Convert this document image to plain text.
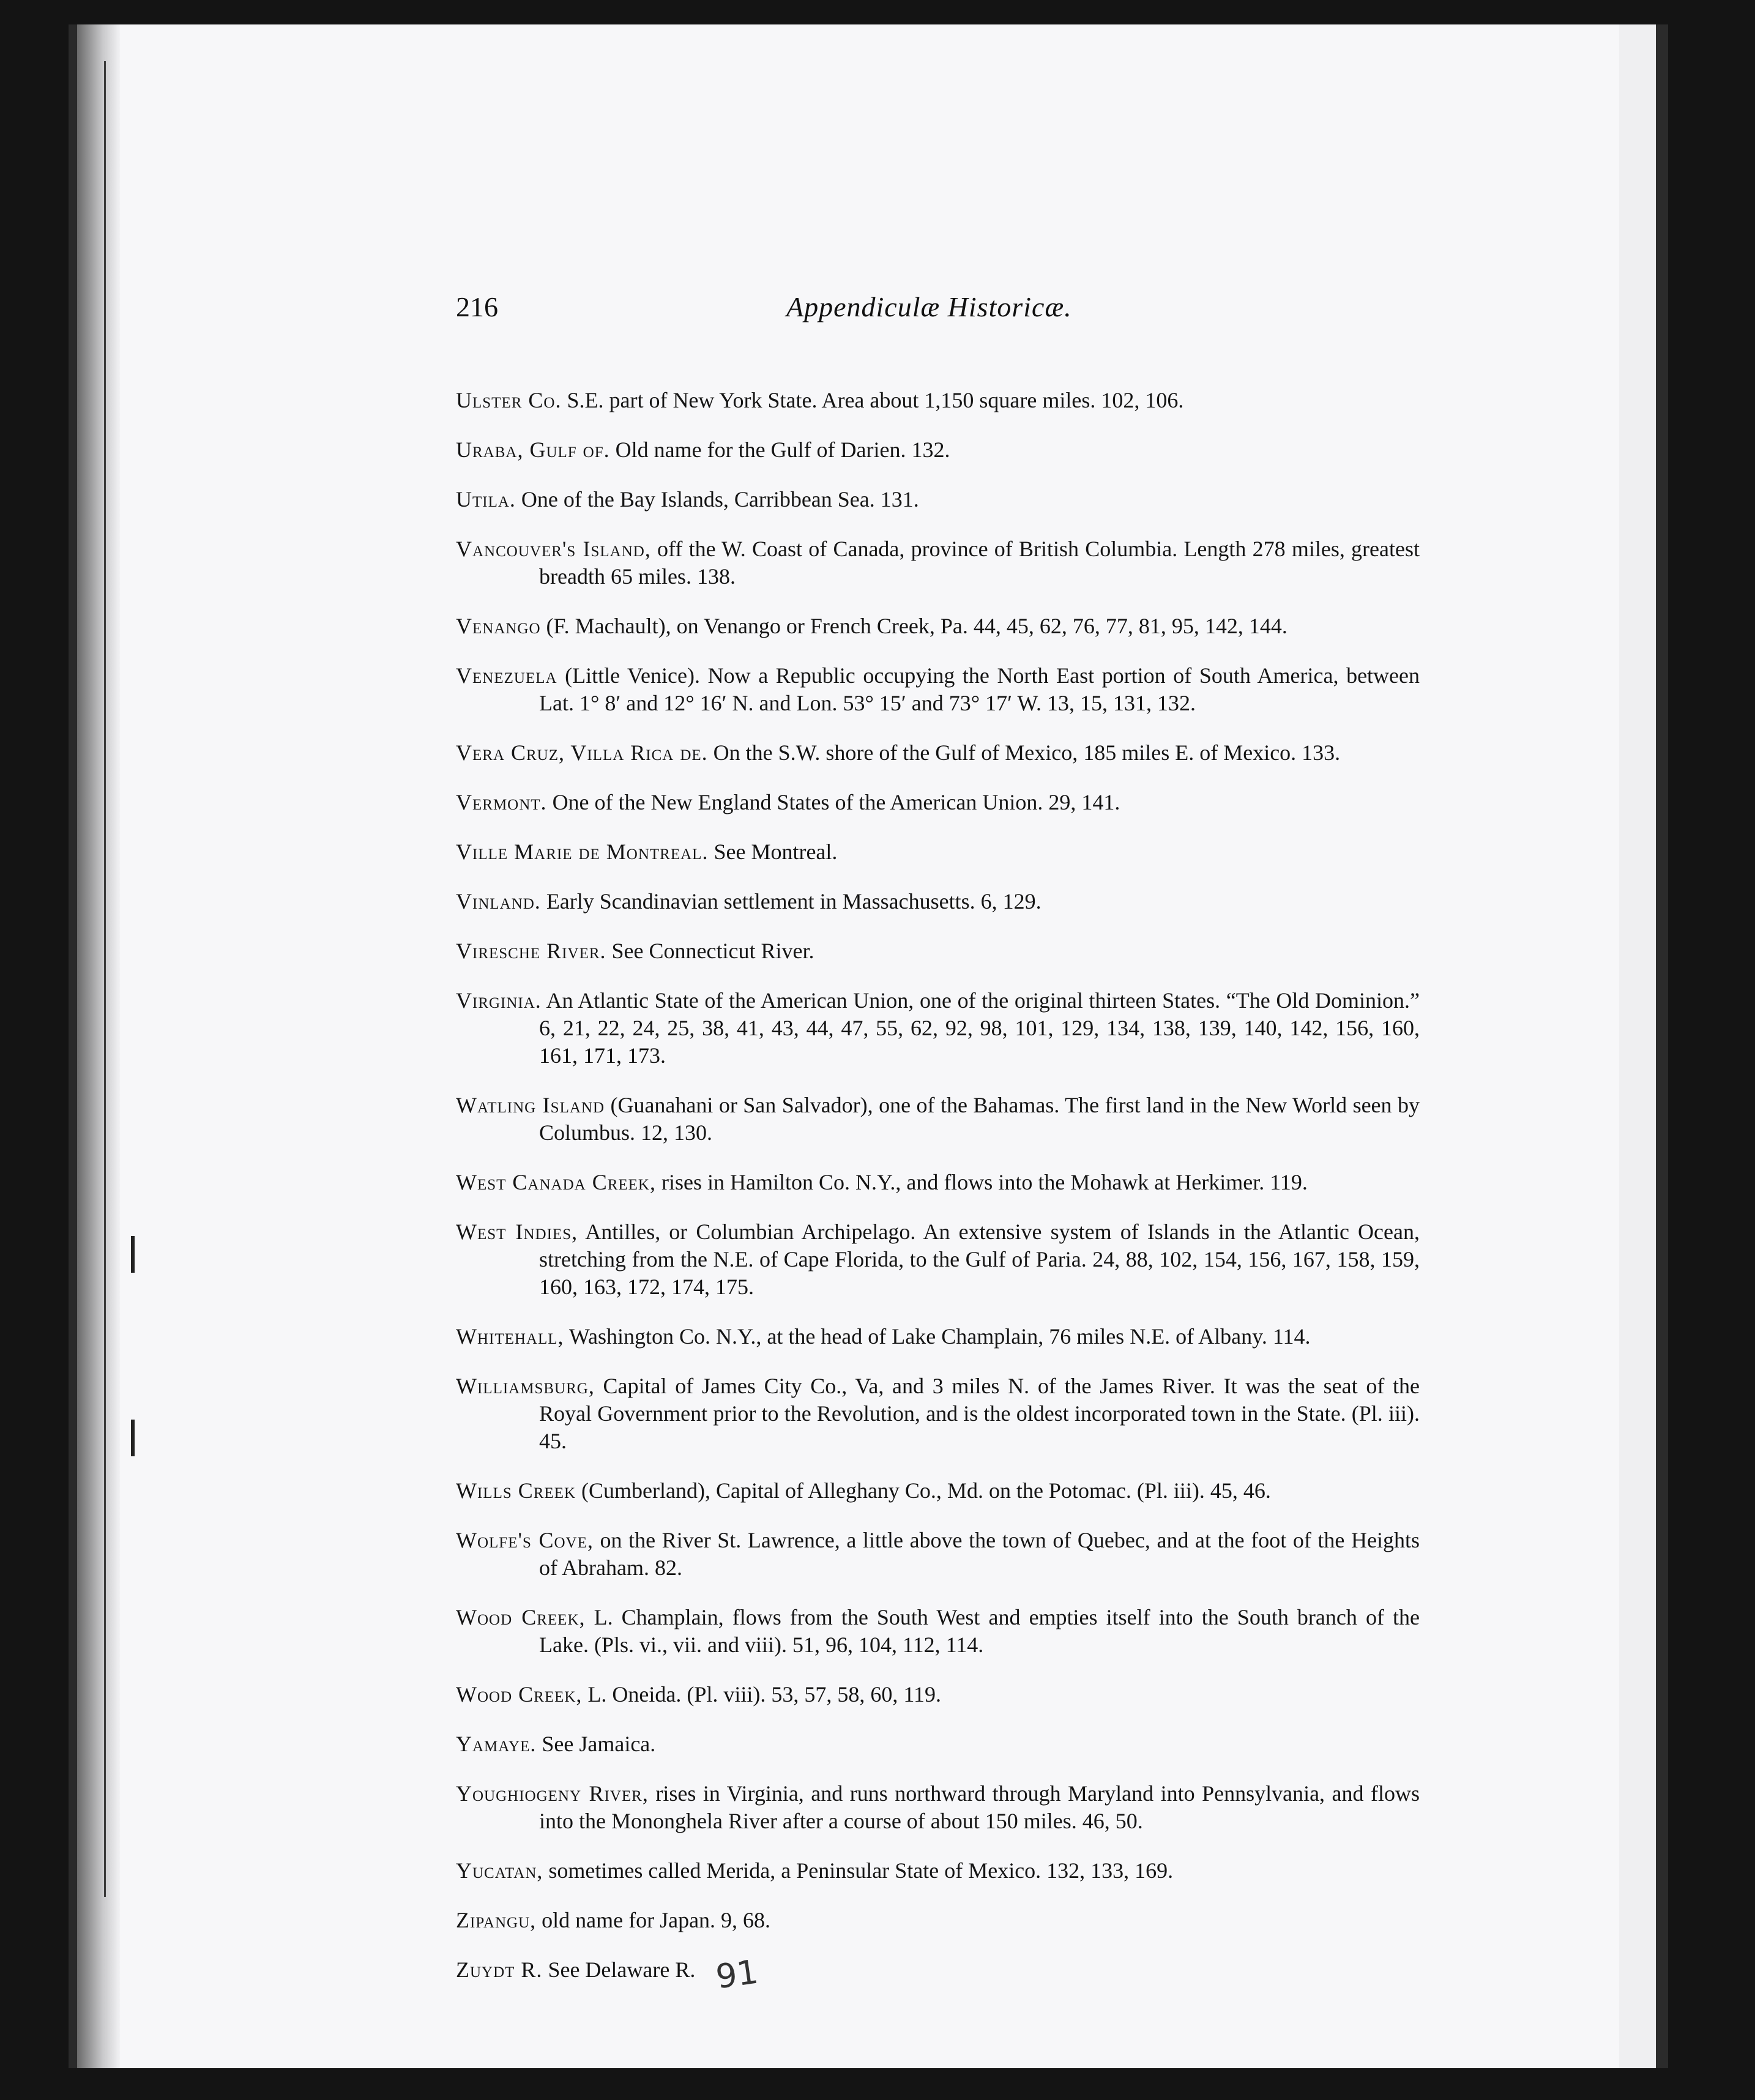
216	Appendiculæ Historicæ.

Ulster Co. S.E. part of New York State. Area about 1,150 square miles. 102, 106.

Uraba, Gulf of. Old name for the Gulf of Darien. 132.

Utila. One of the Bay Islands, Carribbean Sea. 131.

Vancouver's Island, off the W. Coast of Canada, province of British Columbia. Length 278 miles, greatest breadth 65 miles. 138.

Venango (F. Machault), on Venango or French Creek, Pa. 44, 45, 62, 76, 77, 81, 95, 142, 144.

Venezuela (Little Venice). Now a Republic occupying the North East portion of South America, between Lat. 1° 8′ and 12° 16′ N. and Lon. 53° 15′ and 73° 17′ W. 13, 15, 131, 132.

Vera Cruz, Villa Rica de. On the S.W. shore of the Gulf of Mexico, 185 miles E. of Mexico. 133.

Vermont. One of the New England States of the American Union. 29, 141.

Ville Marie de Montreal. See Montreal.

Vinland. Early Scandinavian settlement in Massachusetts. 6, 129.

Viresche River. See Connecticut River.

Virginia. An Atlantic State of the American Union, one of the original thirteen States. “The Old Dominion.” 6, 21, 22, 24, 25, 38, 41, 43, 44, 47, 55, 62, 92, 98, 101, 129, 134, 138, 139, 140, 142, 156, 160, 161, 171, 173.

Watling Island (Guanahani or San Salvador), one of the Bahamas. The first land in the New World seen by Columbus. 12, 130.

West Canada Creek, rises in Hamilton Co. N.Y., and flows into the Mohawk at Herkimer. 119.

West Indies, Antilles, or Columbian Archipelago. An extensive system of Islands in the Atlantic Ocean, stretching from the N.E. of Cape Florida, to the Gulf of Paria. 24, 88, 102, 154, 156, 167, 158, 159, 160, 163, 172, 174, 175.

Whitehall, Washington Co. N.Y., at the head of Lake Champlain, 76 miles N.E. of Albany. 114.

Williamsburg, Capital of James City Co., Va, and 3 miles N. of the James River. It was the seat of the Royal Government prior to the Revolution, and is the oldest incorporated town in the State. (Pl. iii). 45.

Wills Creek (Cumberland), Capital of Alleghany Co., Md. on the Potomac. (Pl. iii). 45, 46.

Wolfe's Cove, on the River St. Lawrence, a little above the town of Quebec, and at the foot of the Heights of Abraham. 82.

Wood Creek, L. Champlain, flows from the South West and empties itself into the South branch of the Lake. (Pls. vi., vii. and viii). 51, 96, 104, 112, 114.

Wood Creek, L. Oneida. (Pl. viii). 53, 57, 58, 60, 119.

Yamaye. See Jamaica.

Youghiogeny River, rises in Virginia, and runs northward through Maryland into Pennsylvania, and flows into the Mononghela River after a course of about 150 miles. 46, 50.

Yucatan, sometimes called Merida, a Peninsular State of Mexico. 132, 133, 169.

Zipangu, old name for Japan. 9, 68.

Zuydt R. See Delaware R. 91
